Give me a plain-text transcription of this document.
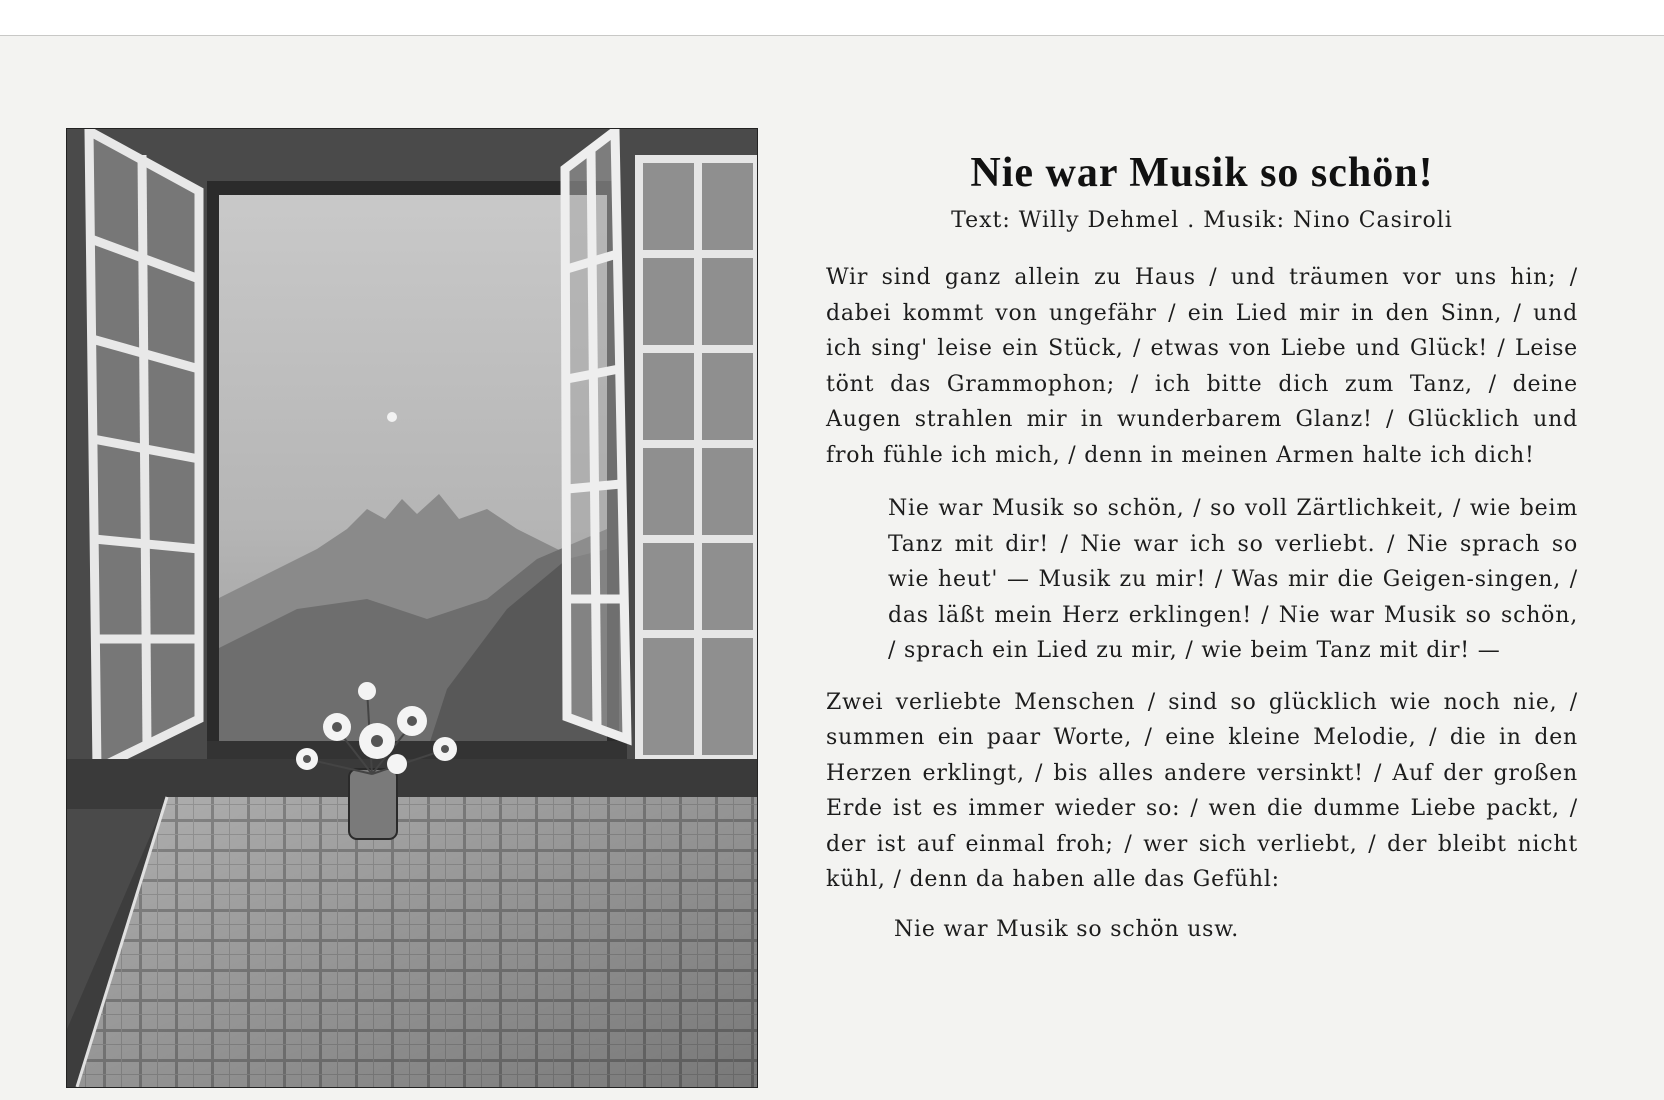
Nie war Musik so schön!

Text: Willy Dehmel . Musik: Nino Casiroli

Wir sind ganz allein zu Haus / und träumen vor uns hin; / dabei kommt von ungefähr / ein Lied mir in den Sinn, / und ich sing' leise ein Stück, / etwas von Liebe und Glück! / Leise tönt das Grammophon; / ich bitte dich zum Tanz, / deine Augen strahlen mir in wunderbarem Glanz! / Glücklich und froh fühle ich mich, / denn in meinen Armen halte ich dich!

Nie war Musik so schön, / so voll Zärtlichkeit, / wie beim Tanz mit dir! / Nie war ich so verliebt. / Nie sprach so wie heut' — Musik zu mir! / Was mir die Geigen-singen, / das läßt mein Herz erklingen! / Nie war Musik so schön, / sprach ein Lied zu mir, / wie beim Tanz mit dir! —

Zwei verliebte Menschen / sind so glücklich wie noch nie, / summen ein paar Worte, / eine kleine Melodie, / die in den Herzen erklingt, / bis alles andere versinkt! / Auf der großen Erde ist es immer wieder so: / wen die dumme Liebe packt, / der ist auf einmal froh; / wer sich verliebt, / der bleibt nicht kühl, / denn da haben alle das Gefühl:

Nie war Musik so schön usw.
